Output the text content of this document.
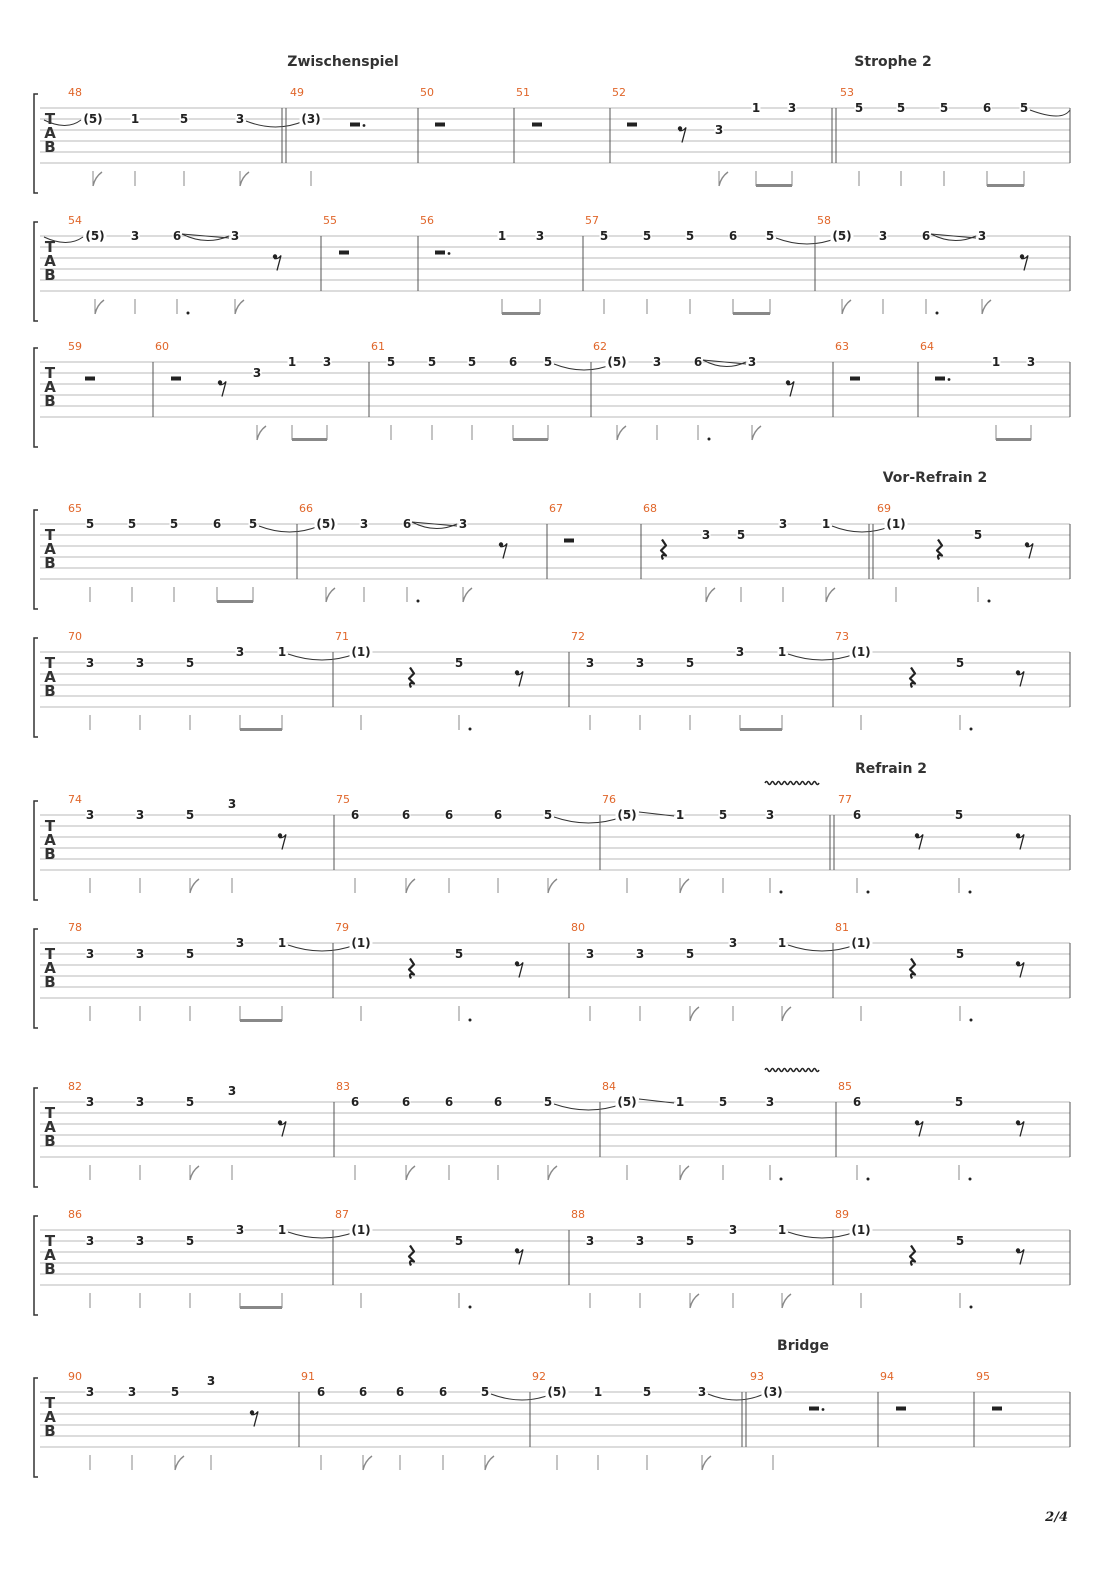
T
A
B
48
(5) 1	5	3
49
Zwischenspiel
(3)
50	51	52
3
1 3
53
Strophe 2
5	5	5	6 5
T
A
B
54
(5) 3	6	3
55	56
1 3
57
5	5	5	6 5
58
(5) 3	6	3
T
A
B
59	60
3
1 3
61
5	5	5	6 5
62
(5) 3	6	3
63	64
1 3
T
A
B
65
5	5	5	6 5
66
(5) 3	6	3
67	68
3 5
3	1
69
Vor-Refrain 2
(1)
5
T
A
B
70
3	3	5
3	1
71
(1)
5
72
3	3	5
3	1
73
(1)
5
T
A
B
74
3	3	5
3	75
6	6	6	6	5
76
(5)	1	5	3
77
Refrain 2
6	5
T
A
B
78
3	3	5
3	1
79
(1)
5
80
3	3	5
3	1
81
(1)
5
T
A
B
82
3	3	5
3	83
6	6	6	6	5
84
(5)	1	5	3
85
6	5
T
A
B
86
3	3	5
3	1
87
(1)
5
88
3	3	5
3	1
89
(1)
5
T
A
B
90
3	3	5
3	91
6	6 6	6	5
92
(5) 1	5	3
93
Bridge
(3)
94	95
2/4
